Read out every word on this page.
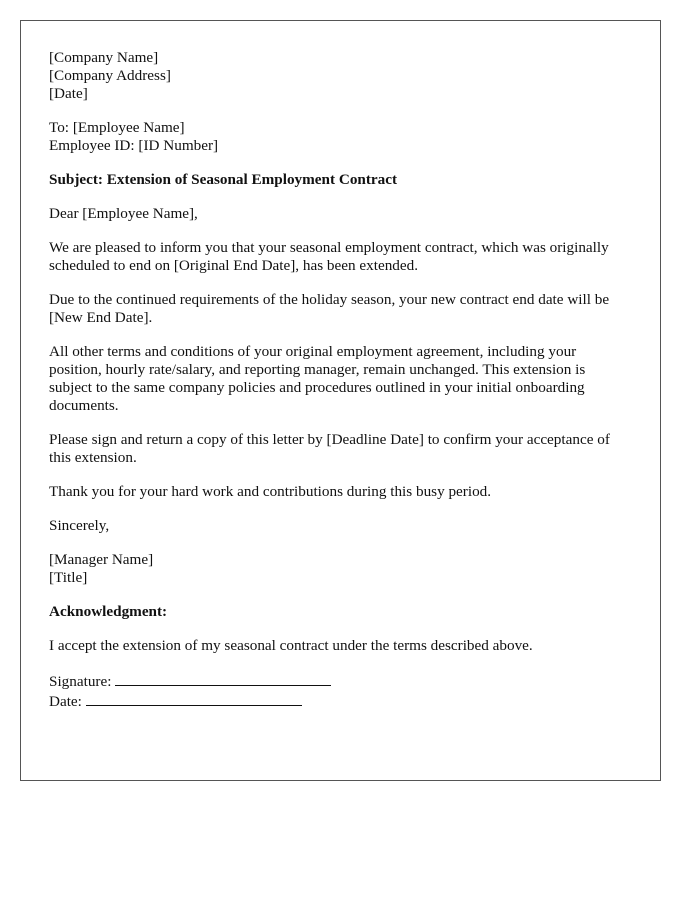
[Company Name]
[Company Address]
[Date]
To: [Employee Name]
Employee ID: [ID Number]

Subject: Extension of Seasonal Employment Contract

Dear [Employee Name],

We are pleased to inform you that your seasonal employment contract, which was originally scheduled to end on [Original End Date], has been extended.

Due to the continued requirements of the holiday season, your new contract end date will be [New End Date].

All other terms and conditions of your original employment agreement, including your position, hourly rate/salary, and reporting manager, remain unchanged. This extension is subject to the same company policies and procedures outlined in your initial onboarding documents.

Please sign and return a copy of this letter by [Deadline Date] to confirm your acceptance of this extension.

Thank you for your hard work and contributions during this busy period.

Sincerely,

[Manager Name]
[Title]

Acknowledgment:

I accept the extension of my seasonal contract under the terms described above.

Signature:
Date:
